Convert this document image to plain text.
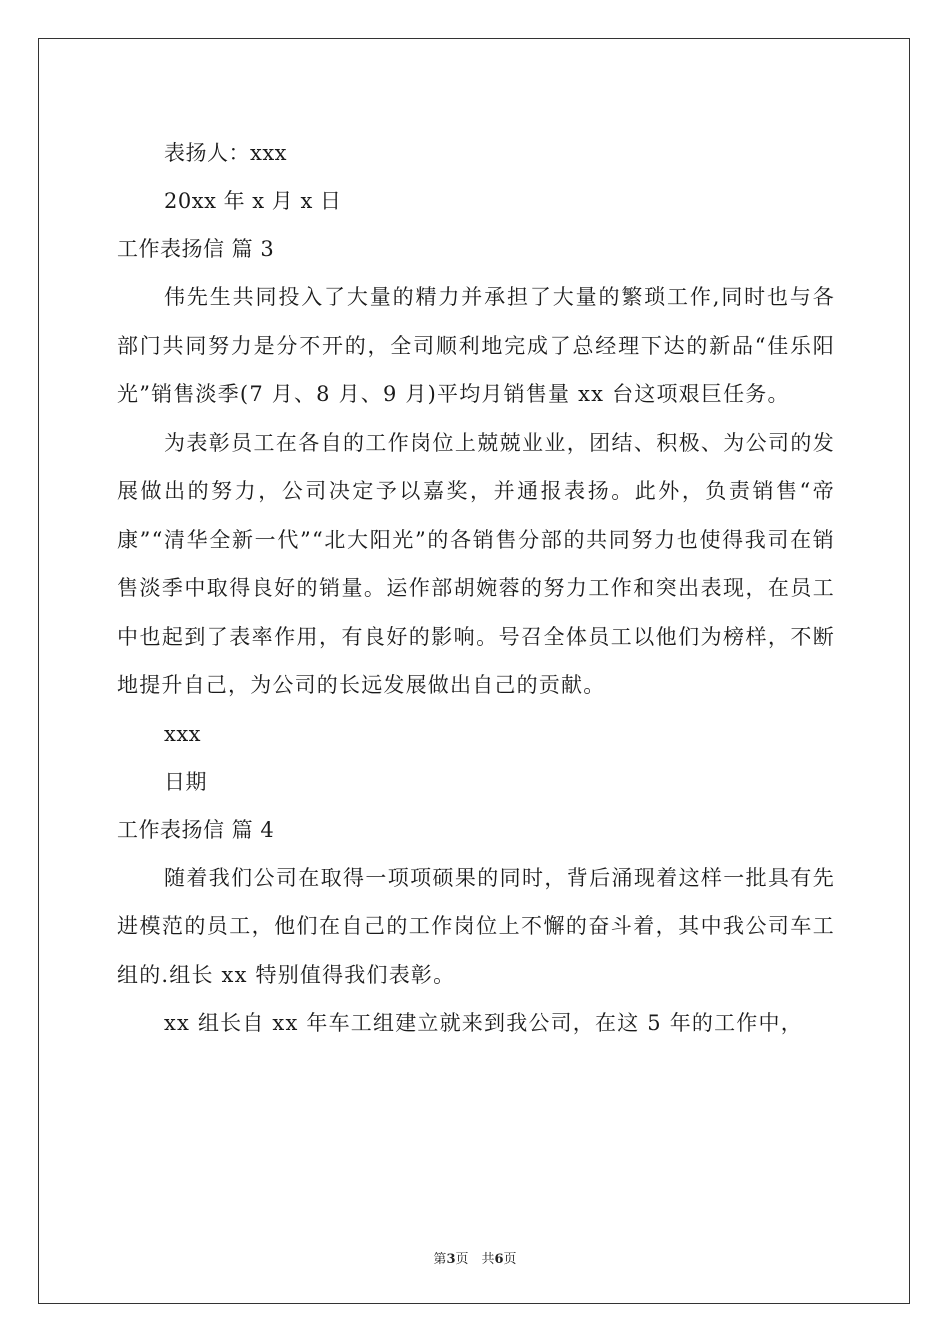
表扬人：xxx
20xx 年 x 月 x 日
工作表扬信 篇 3

伟先生共同投入了大量的精力并承担了大量的繁琐工作,同时也与各部门共同努力是分不开的，全司顺利地完成了总经理下达的新品“佳乐阳光”销售淡季(7 月、8 月、9 月)平均月销售量 xx 台这项艰巨任务。

为表彰员工在各自的工作岗位上兢兢业业，团结、积极、为公司的发展做出的努力，公司决定予以嘉奖，并通报表扬。此外，负责销售“帝康”“清华全新一代”“北大阳光”的各销售分部的共同努力也使得我司在销售淡季中取得良好的销量。运作部胡婉蓉的努力工作和突出表现，在员工中也起到了表率作用，有良好的影响。号召全体员工以他们为榜样，不断地提升自己，为公司的长远发展做出自己的贡献。

xxx
日期
工作表扬信 篇 4

随着我们公司在取得一项项硕果的同时，背后涌现着这样一批具有先进模范的员工，他们在自己的工作岗位上不懈的奋斗着，其中我公司车工组的.组长 xx 特别值得我们表彰。

xx 组长自 xx 年车工组建立就来到我公司，在这 5 年的工作中，

第3页　共6页
